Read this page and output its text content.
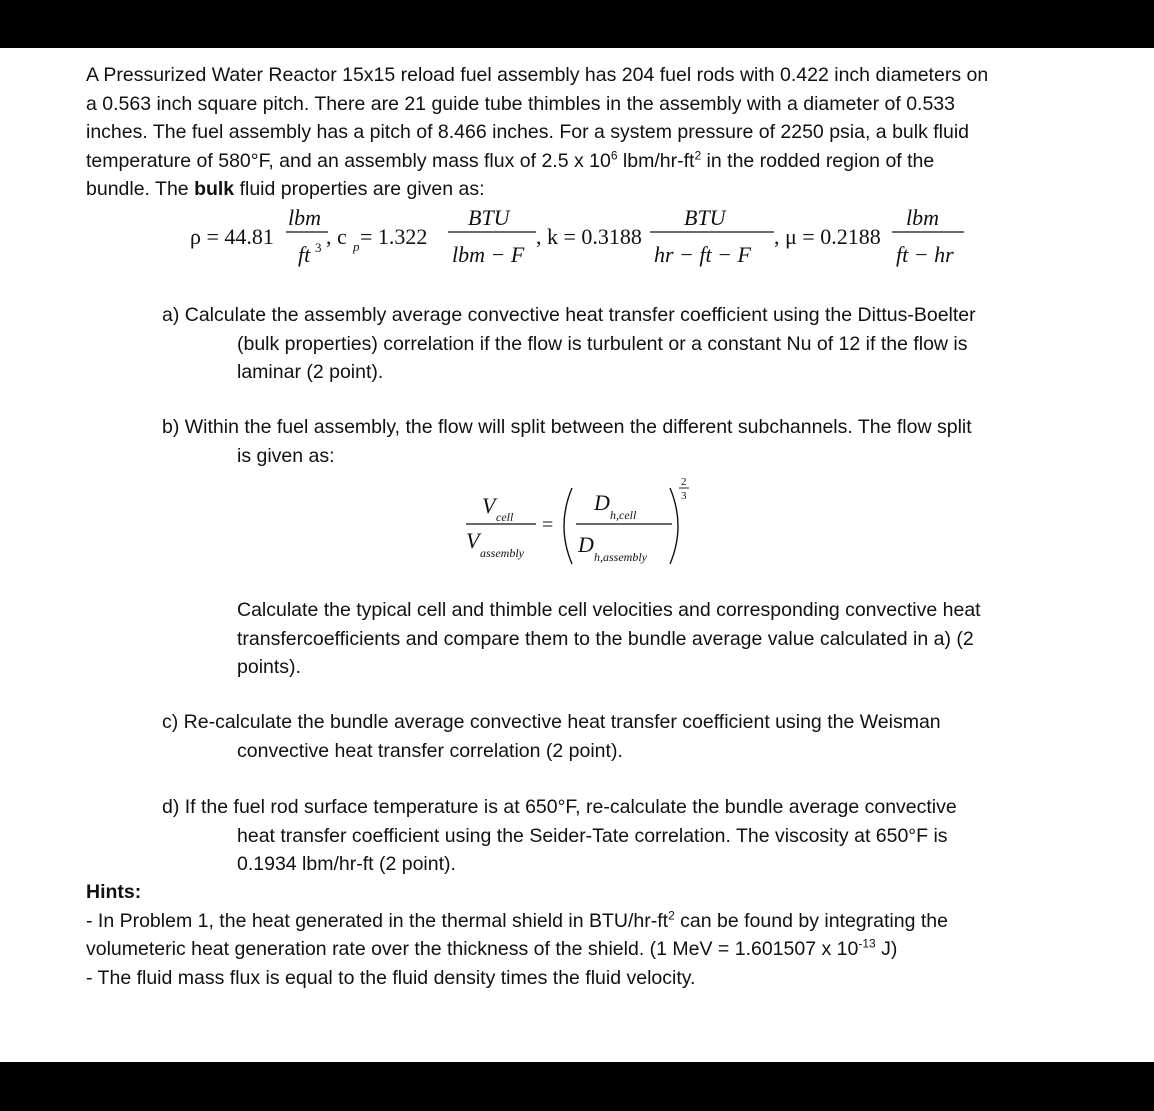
A Pressurized Water Reactor 15x15 reload fuel assembly has 204 fuel rods with 0.422 inch diameters on
a 0.563 inch square pitch. There are 21 guide tube thimbles in the assembly with a diameter of 0.533
inches. The fuel assembly has a pitch of 8.466 inches. For a system pressure of 2250 psia, a bulk fluid
temperature of 580°F, and an assembly mass flux of 2.5 x $10^6$ lbm/$hr-ft^2$ in the rodded region of the
bundle. The bulk fluid properties are given as:
ρ = 44.81
lbm
ft 3 , c p = 1.322
BTU
lbm − F
, k = 0.3188
BTU
hr − ft − F
, μ = 0.2188
lbm
ft − hr
a) Calculate the assembly average convective heat transfer coefficient using the Dittus-Boelter
(bulk properties) correlation if the flow is turbulent or a constant Nu of 12 if the flow is
laminar (2 point).
b) Within the fuel assembly, the flow will split between the different subchannels. The flow split
is given as:
V cell
V assembly
=
D h,cell
D h,assembly
2
3
Calculate the typical cell and thimble cell velocities and corresponding convective heat
transfercoefficients and compare them to the bundle average value calculated in a) (2
points).
c) Re-calculate the bundle average convective heat transfer coefficient using the Weisman
convective heat transfer correlation (2 point).
d) If the fuel rod surface temperature is at 650°F, re-calculate the bundle average convective
heat transfer coefficient using the Seider-Tate correlation. The viscosity at 650°F is
0.1934 lbm/hr-ft (2 point).
Hints:
- In Problem 1, the heat generated in the thermal shield in BTU/$hr-ft^2$ can be found by integrating the
volumeteric heat generation rate over the thickness of the shield. (1 MeV = 1.601507 x $10^{-13}$ J)
- The fluid mass flux is equal to the fluid density times the fluid velocity.
